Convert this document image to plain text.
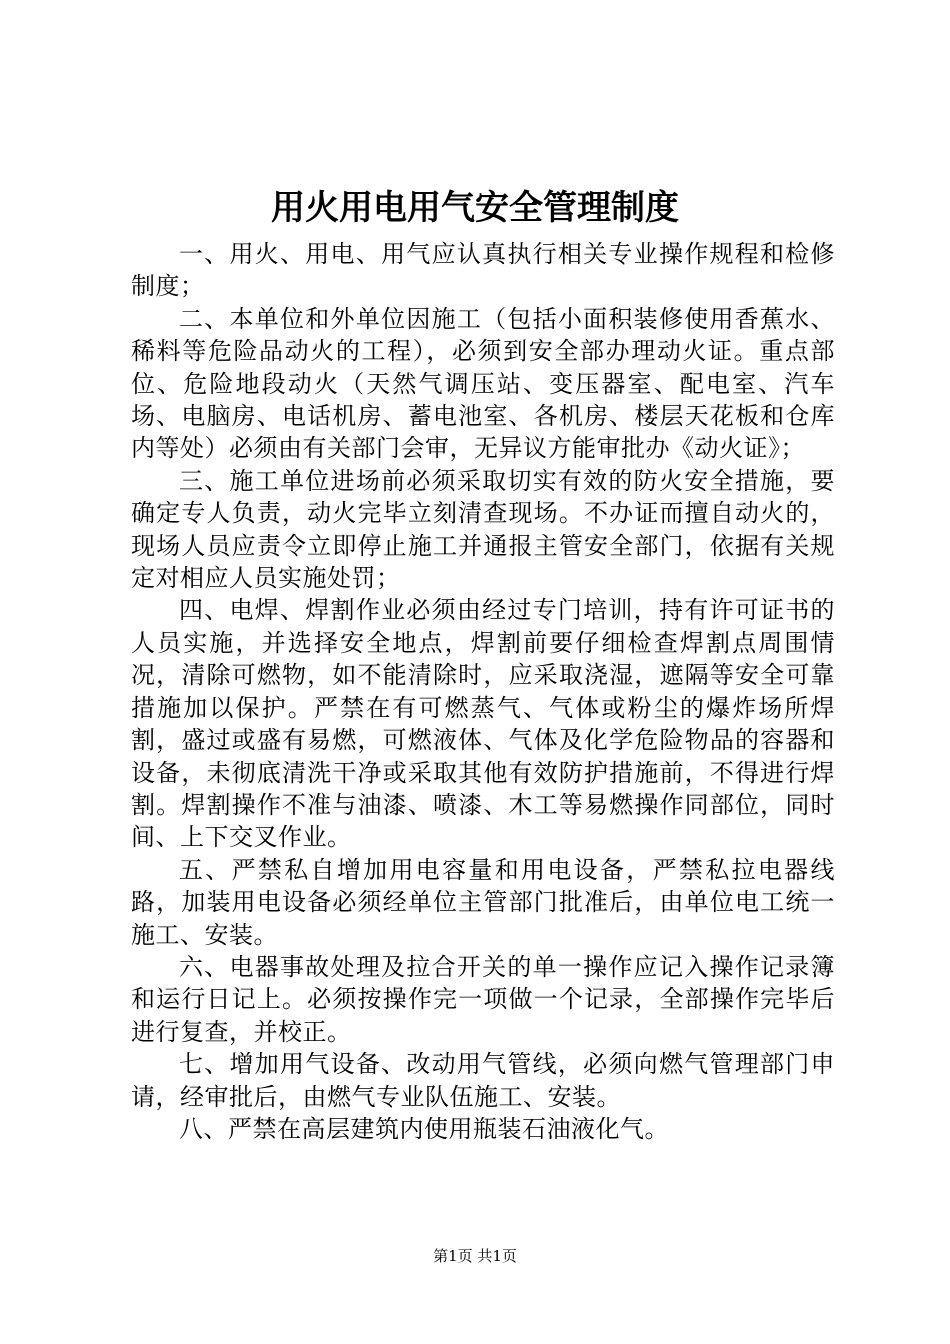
用火用电用气安全管理制度

一、用火、用电、用气应认真执行相关专业操作规程和检修制度；

二、本单位和外单位因施工（包括小面积装修使用香蕉水、稀料等危险品动火的工程），必须到安全部办理动火证。重点部位、危险地段动火（天然气调压站、变压器室、配电室、汽车场、电脑房、电话机房、蓄电池室、各机房、楼层天花板和仓库内等处）必须由有关部门会审，无异议方能审批办《动火证》；

三、施工单位进场前必须采取切实有效的防火安全措施，要确定专人负责，动火完毕立刻清查现场。不办证而擅自动火的，现场人员应责令立即停止施工并通报主管安全部门，依据有关规定对相应人员实施处罚；

四、电焊、焊割作业必须由经过专门培训，持有许可证书的人员实施，并选择安全地点，焊割前要仔细检查焊割点周围情况，清除可燃物，如不能清除时，应采取浇湿，遮隔等安全可靠措施加以保护。严禁在有可燃蒸气、气体或粉尘的爆炸场所焊割，盛过或盛有易燃，可燃液体、气体及化学危险物品的容器和设备，未彻底清洗干净或采取其他有效防护措施前，不得进行焊割。焊割操作不准与油漆、喷漆、木工等易燃操作同部位，同时间、上下交叉作业。

五、严禁私自增加用电容量和用电设备，严禁私拉电器线路，加装用电设备必须经单位主管部门批准后，由单位电工统一施工、安装。

六、电器事故处理及拉合开关的单一操作应记入操作记录簿和运行日记上。必须按操作完一项做一个记录，全部操作完毕后进行复查，并校正。

七、增加用气设备、改动用气管线，必须向燃气管理部门申请，经审批后，由燃气专业队伍施工、安装。

八、严禁在高层建筑内使用瓶装石油液化气。

第1页 共1页
